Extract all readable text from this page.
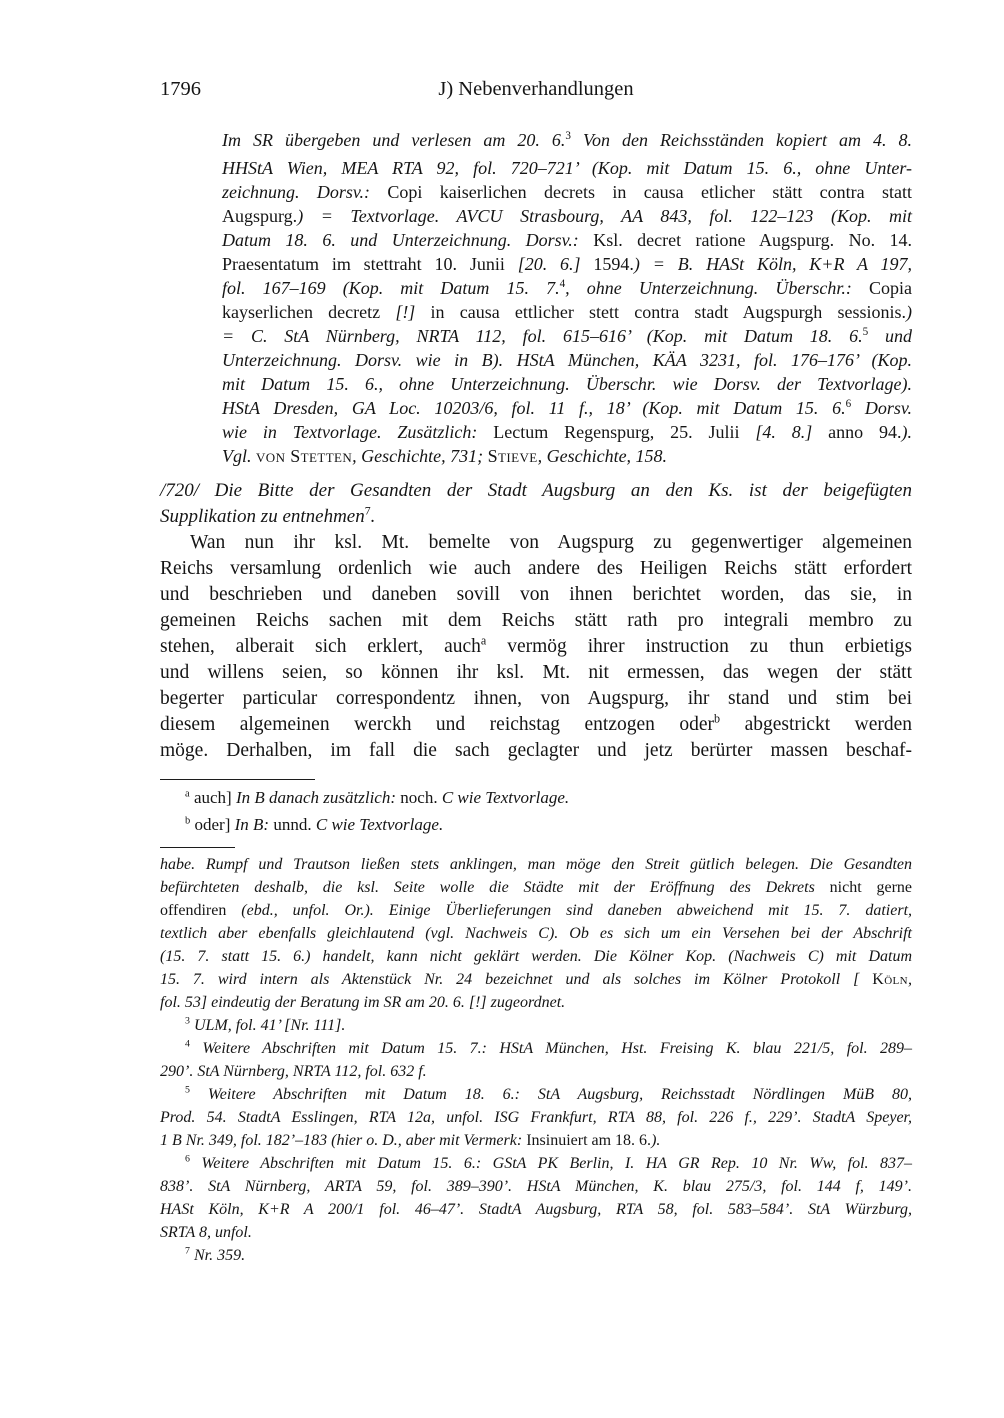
1796	J) Nebenverhandlungen
Im SR übergeben und verlesen am 20. 6.$^3$ Von den Reichsständen kopiert am 4. 8.
HHStA Wien, MEA RTA 92, fol. 720–721’ (Kop. mit Datum 15. 6., ohne Unter-
zeichnung. Dorsv.: Copi kaiserlichen decrets in causa etlicher stätt contra statt
Augspurg.) = Textvorlage. AVCU Strasbourg, AA 843, fol. 122–123 (Kop. mit
Datum 18. 6. und Unterzeichnung. Dorsv.: Ksl. decret ratione Augspurg. No. 14.
Praesentatum im stettraht 10. Junii [20. 6.] 1594.) = B. HASt Köln, K+R A 197,
fol. 167–169 (Kop. mit Datum 15. 7.$^4$, ohne Unterzeichnung. Überschr.: Copia
kayserlichen decretz [!] in causa ettlicher stett contra stadt Augspurgh sessionis.)
= C. StA Nürnberg, NRTA 112, fol. 615–616’ (Kop. mit Datum 18. 6.$^5$ und
Unterzeichnung. Dorsv. wie in B). HStA München, KÄA 3231, fol. 176–176’ (Kop.
mit Datum 15. 6., ohne Unterzeichnung. Überschr. wie Dorsv. der Textvorlage).
HStA Dresden, GA Loc. 10203/6, fol. 11 f., 18’ (Kop. mit Datum 15. 6.$^6$ Dorsv.
wie in Textvorlage. Zusätzlich: Lectum Regenspurg, 25. Julii [4. 8.] anno 94.).
Vgl. von Stetten, Geschichte, 731; Stieve, Geschichte, 158.
/720/ Die Bitte der Gesandten der Stadt Augsburg an den Ks. ist der beigefügten
Supplikation zu entnehmen$^7$.
Wan nun ihr ksl. Mt. bemelte von Augspurg zu gegenwertiger algemeinen
Reichs versamlung ordenlich wie auch andere des Heiligen Reichs stätt erfordert
und beschrieben und daneben sovill von ihnen berichtet worden, das sie, in
gemeinen Reichs sachen mit dem Reichs stätt rath pro integrali membro zu
stehen, alberait sich erklert, auch$^a$ vermög ihrer instruction zu thun erbietigs
und willens seien, so können ihr ksl. Mt. nit ermessen, das wegen der stätt
begerter particular correspondentz ihnen, von Augspurg, ihr stand und stim bei
diesem algemeinen werckh und reichstag entzogen oder$^b$ abgestrickt werden
möge. Derhalben, im fall die sach geclagter und jetz berürter massen beschaf-
$^a$ auch] In B danach zusätzlich: noch. C wie Textvorlage.
$^b$ oder] In B: unnd. C wie Textvorlage.
habe. Rumpf und Trautson ließen stets anklingen, man möge den Streit gütlich belegen. Die Gesandten
befürchteten deshalb, die ksl. Seite wolle die Städte mit der Eröffnung des Dekrets nicht gerne
offendiren (ebd., unfol. Or.). Einige Überlieferungen sind daneben abweichend mit 15. 7. datiert,
textlich aber ebenfalls gleichlautend (vgl. Nachweis C). Ob es sich um ein Versehen bei der Abschrift
(15. 7. statt 15. 6.) handelt, kann nicht geklärt werden. Die Kölner Kop. (Nachweis C) mit Datum
15. 7. wird intern als Aktenstück Nr. 24 bezeichnet und als solches im Kölner Protokoll [ Köln,
fol. 53] eindeutig der Beratung im SR am 20. 6. [!] zugeordnet.
$^3$ ULM, fol. 41’ [Nr. 111].
$^4$ Weitere Abschriften mit Datum 15. 7.: HStA München, Hst. Freising K. blau 221/5, fol. 289–
290’. StA Nürnberg, NRTA 112, fol. 632 f.
$^5$ Weitere Abschriften mit Datum 18. 6.: StA Augsburg, Reichsstadt Nördlingen MüB 80,
Prod. 54. StadtA Esslingen, RTA 12a, unfol. ISG Frankfurt, RTA 88, fol. 226 f., 229’. StadtA Speyer,
1 B Nr. 349, fol. 182’–183 (hier o. D., aber mit Vermerk: Insinuiert am 18. 6.).
$^6$ Weitere Abschriften mit Datum 15. 6.: GStA PK Berlin, I. HA GR Rep. 10 Nr. Ww, fol. 837–
838’. StA Nürnberg, ARTA 59, fol. 389–390’. HStA München, K. blau 275/3, fol. 144 f, 149’.
HASt Köln, K+R A 200/1 fol. 46–47’. StadtA Augsburg, RTA 58, fol. 583–584’. StA Würzburg,
SRTA 8, unfol.
$^7$ Nr. 359.
